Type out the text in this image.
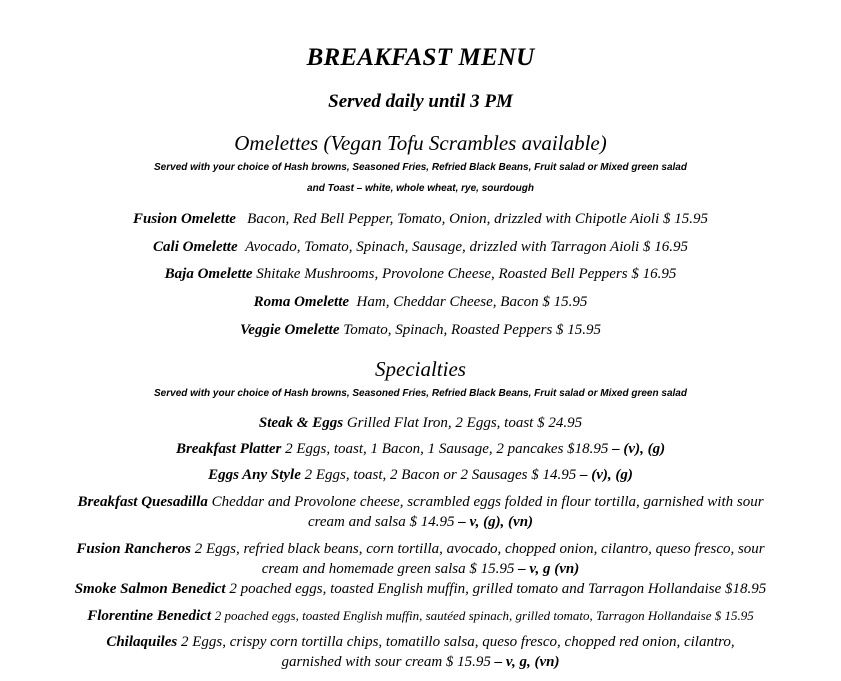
BREAKFAST MENU
Served daily until 3 PM
Omelettes (Vegan Tofu Scrambles available)
Served with your choice of Hash browns, Seasoned Fries, Refried Black Beans, Fruit salad or Mixed green salad
and Toast – white, whole wheat, rye, sourdough
Fusion Omelette Bacon, Red Bell Pepper, Tomato, Onion, drizzled with Chipotle Aioli $ 15.95
Cali Omelette Avocado, Tomato, Spinach, Sausage, drizzled with Tarragon Aioli $ 16.95
Baja Omelette Shitake Mushrooms, Provolone Cheese, Roasted Bell Peppers $ 16.95
Roma Omelette Ham, Cheddar Cheese, Bacon $ 15.95
Veggie Omelette Tomato, Spinach, Roasted Peppers $ 15.95
Specialties
Served with your choice of Hash browns, Seasoned Fries, Refried Black Beans, Fruit salad or Mixed green salad
Steak & Eggs Grilled Flat Iron, 2 Eggs, toast $ 24.95
Breakfast Platter 2 Eggs, toast, 1 Bacon, 1 Sausage, 2 pancakes $18.95 – (v), (g)
Eggs Any Style 2 Eggs, toast, 2 Bacon or 2 Sausages $ 14.95 – (v), (g)
Breakfast Quesadilla Cheddar and Provolone cheese, scrambled eggs folded in flour tortilla, garnished with sour
cream and salsa $ 14.95 – v, (g), (vn)
Fusion Rancheros 2 Eggs, refried black beans, corn tortilla, avocado, chopped onion, cilantro, queso fresco, sour
cream and homemade green salsa $ 15.95 – v, g (vn)
Smoke Salmon Benedict 2 poached eggs, toasted English muffin, grilled tomato and Tarragon Hollandaise $18.95
Florentine Benedict 2 poached eggs, toasted English muffin, sautéed spinach, grilled tomato, Tarragon Hollandaise $ 15.95
Chilaquiles 2 Eggs, crispy corn tortilla chips, tomatillo salsa, queso fresco, chopped red onion, cilantro,
garnished with sour cream $ 15.95 – v, g, (vn)
